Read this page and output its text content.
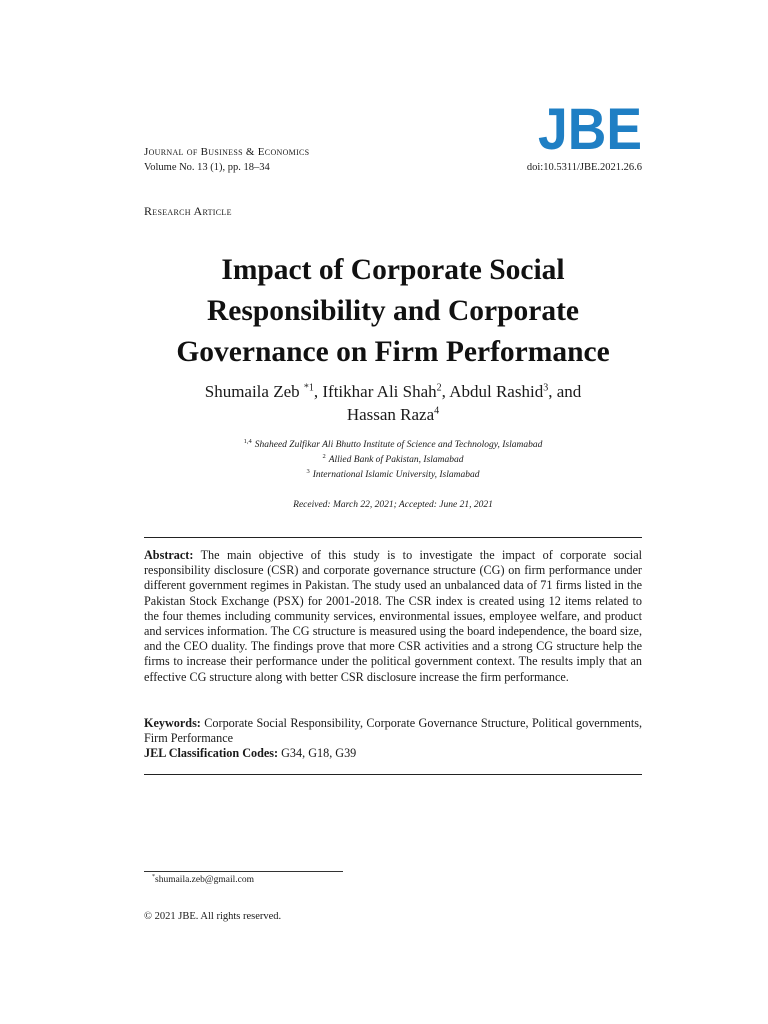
JBE
Journal of Business & Economics
Volume No. 13 (1), pp. 18–34	doi:10.5311/JBE.2021.26.6
Research Article
Impact of Corporate Social Responsibility and Corporate Governance on Firm Performance
Shumaila Zeb $^{*1}$, Iftikhar Ali Shah$^2$, Abdul Rashid$^3$, and
Hassan Raza$^4$
$^{1,4}$ Shaheed Zulfikar Ali Bhutto Institute of Science and Technology, Islamabad
$^2$ Allied Bank of Pakistan, Islamabad
$^3$ International Islamic University, Islamabad
Received: March 22, 2021; Accepted: June 21, 2021
Abstract: The main objective of this study is to investigate the impact of corporate social responsibility disclosure (CSR) and corporate governance structure (CG) on firm performance under different government regimes in Pakistan. The study used an unbalanced data of 71 firms listed in the Pakistan Stock Exchange (PSX) for 2001-2018. The CSR index is created using 12 items related to the four themes including community services, environmental issues, employee welfare, and product and services information. The CG structure is measured using the board independence, the board size, and the CEO duality. The findings prove that more CSR activities and a strong CG structure help the firms to increase their performance under the political government context. The results imply that an effective CG structure along with better CSR disclosure increase the firm performance.
Keywords: Corporate Social Responsibility, Corporate Governance Structure, Political governments, Firm Performance
JEL Classification Codes: G34, G18, G39
*shumaila.zeb@gmail.com
© 2021 JBE. All rights reserved.
